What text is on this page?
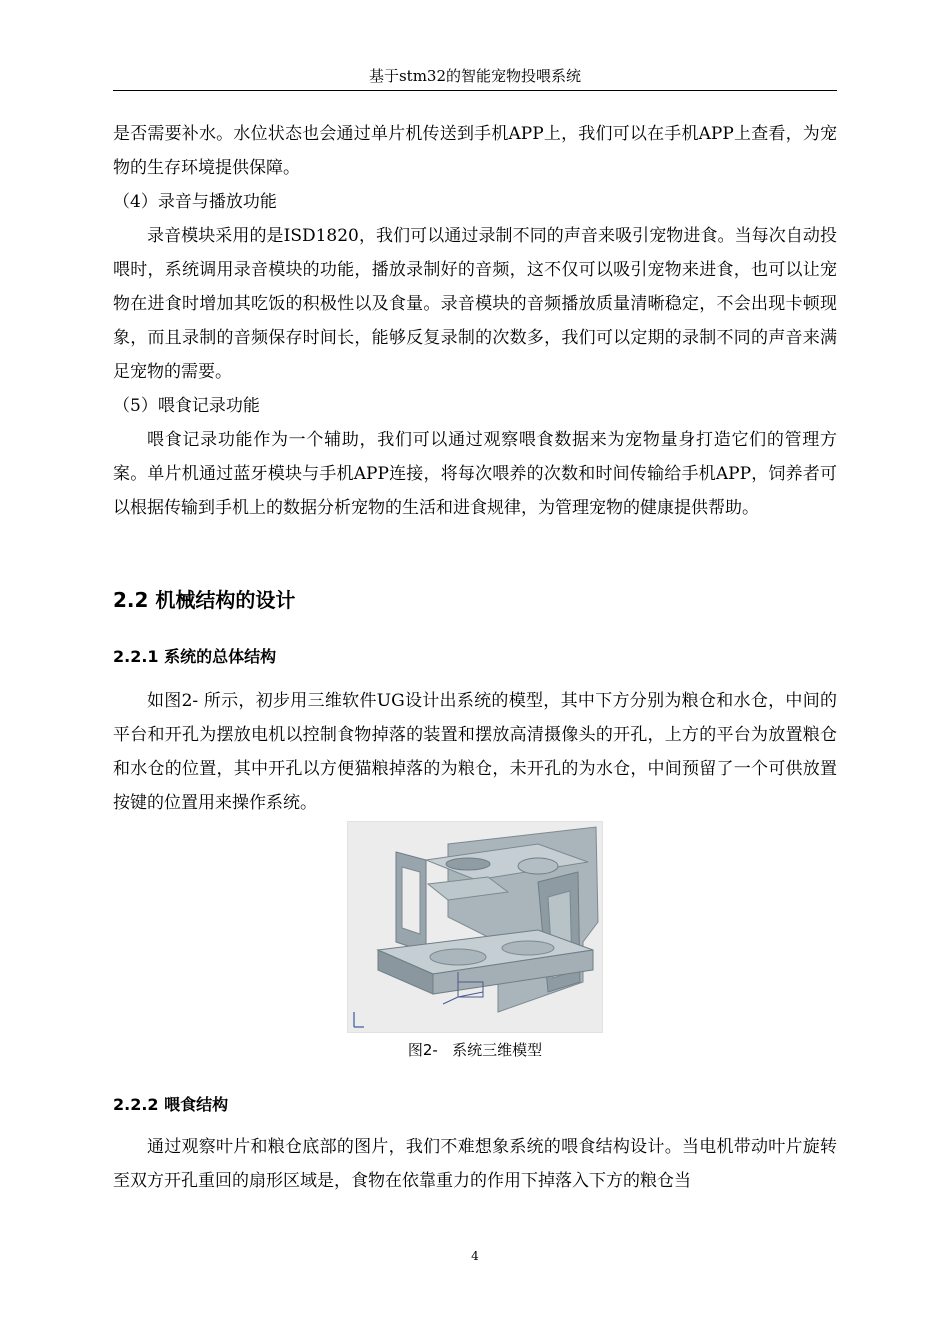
基于stm32的智能宠物投喂系统

是否需要补水。水位状态也会通过单片机传送到手机APP上，我们可以在手机APP上查看，为宠物的生存环境提供保障。

（4）录音与播放功能

录音模块采用的是ISD1820，我们可以通过录制不同的声音来吸引宠物进食。当每次自动投喂时，系统调用录音模块的功能，播放录制好的音频，这不仅可以吸引宠物来进食，也可以让宠物在进食时增加其吃饭的积极性以及食量。录音模块的音频播放质量清晰稳定，不会出现卡顿现象，而且录制的音频保存时间长，能够反复录制的次数多，我们可以定期的录制不同的声音来满足宠物的需要。

（5）喂食记录功能

喂食记录功能作为一个辅助，我们可以通过观察喂食数据来为宠物量身打造它们的管理方案。单片机通过蓝牙模块与手机APP连接，将每次喂养的次数和时间传输给手机APP，饲养者可以根据传输到手机上的数据分析宠物的生活和进食规律，为管理宠物的健康提供帮助。

2.2 机械结构的设计
2.2.1 系统的总体结构

如图2- 所示，初步用三维软件UG设计出系统的模型，其中下方分别为粮仓和水仓，中间的平台和开孔为摆放电机以控制食物掉落的装置和摆放高清摄像头的开孔，上方的平台为放置粮仓和水仓的位置，其中开孔以方便猫粮掉落的为粮仓，未开孔的为水仓，中间预留了一个可供放置按键的位置用来操作系统。

图2- 系统三维模型
2.2.2 喂食结构

通过观察叶片和粮仓底部的图片，我们不难想象系统的喂食结构设计。当电机带动叶片旋转至双方开孔重回的扇形区域是，食物在依靠重力的作用下掉落入下方的粮仓当

4
